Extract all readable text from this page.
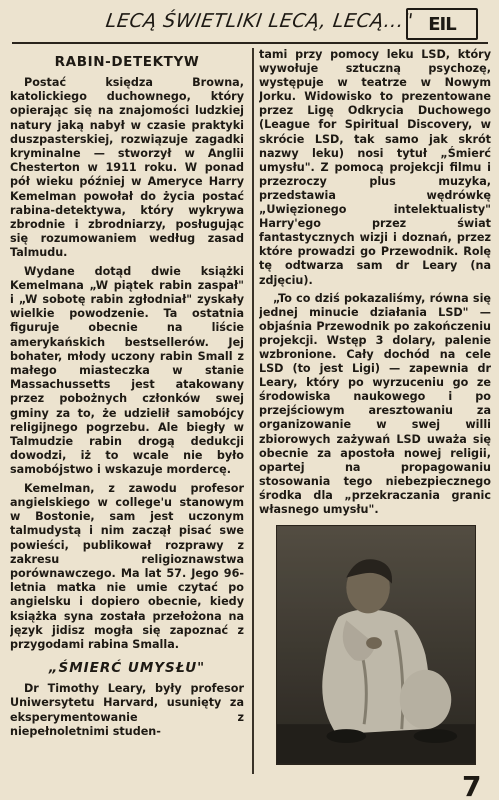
LECĄ ŚWIETLIKI LECĄ, LECĄ..." EIL
RABIN-DETEKTYW

Postać księdza Browna, katolickiego duchownego, który opierając się na znajomości ludzkiej natury jaką nabył w czasie praktyki duszpasterskiej, rozwiązuje zagadki kryminalne — stworzył w Anglii Chesterton w 1911 roku. W ponad pół wieku później w Ameryce Harry Kemelman powołał do życia postać rabina-detektywa, który wykrywa zbrodnie i zbrodniarzy, posługując się rozumowaniem według zasad Talmudu.

Wydane dotąd dwie książki Kemelmana „W piątek rabin zaspał" i „W sobotę rabin zgłodniał" zyskały wielkie powodzenie. Ta ostatnia figuruje obecnie na liście amerykańskich bestsellerów. Jej bohater, młody uczony rabin Small z małego miasteczka w stanie Massachussetts jest atakowany przez pobożnych członków swej gminy za to, że udzielił samobójcy religijnego pogrzebu. Ale biegły w Talmudzie rabin drogą dedukcji dowodzi, iż to wcale nie było samobójstwo i wskazuje mordercę.

Kemelman, z zawodu profesor angielskiego w college'u stanowym w Bostonie, sam jest uczonym talmudystą i nim zaczął pisać swe powieści, publikował rozprawy z zakresu religioznawstwa porównawczego. Ma lat 57. Jego 96-letnia matka nie umie czytać po angielsku i dopiero obecnie, kiedy książka syna została przełożona na język jidisz mogła się zapoznać z przygodami rabina Smalla.

„ŚMIERĆ UMYSŁU"

Dr Timothy Leary, były profesor Uniwersytetu Harvard, usunięty za eksperymentowanie z niepełnoletnimi studen-

tami przy pomocy leku LSD, który wywołuje sztuczną psychozę, występuje w teatrze w Nowym Jorku. Widowisko to prezentowane przez Ligę Odkrycia Duchowego (League for Spiritual Discovery, w skrócie LSD, tak samo jak skrót nazwy leku) nosi tytuł „Śmierć umysłu". Z pomocą projekcji filmu i przezroczy plus muzyka, przedstawia wędrówkę „Uwięzionego intelektualisty" Harry'ego przez świat fantastycznych wizji i doznań, przez które prowadzi go Przewodnik. Rolę tę odtwarza sam dr Leary (na zdjęciu).

„To co dziś pokazaliśmy, równa się jednej minucie działania LSD" — objaśnia Przewodnik po zakończeniu projekcji. Wstęp 3 dolary, palenie wzbronione. Cały dochód na cele LSD (to jest Ligi) — zapewnia dr Leary, który po wyrzuceniu go ze środowiska naukowego i po przejściowym aresztowaniu za organizowanie w swej willi zbiorowych zażywań LSD uważa się obecnie za apostoła nowej religii, opartej na propagowaniu stosowania tego niebezpiecznego środka dla „przekraczania granic własnego umysłu".

7
